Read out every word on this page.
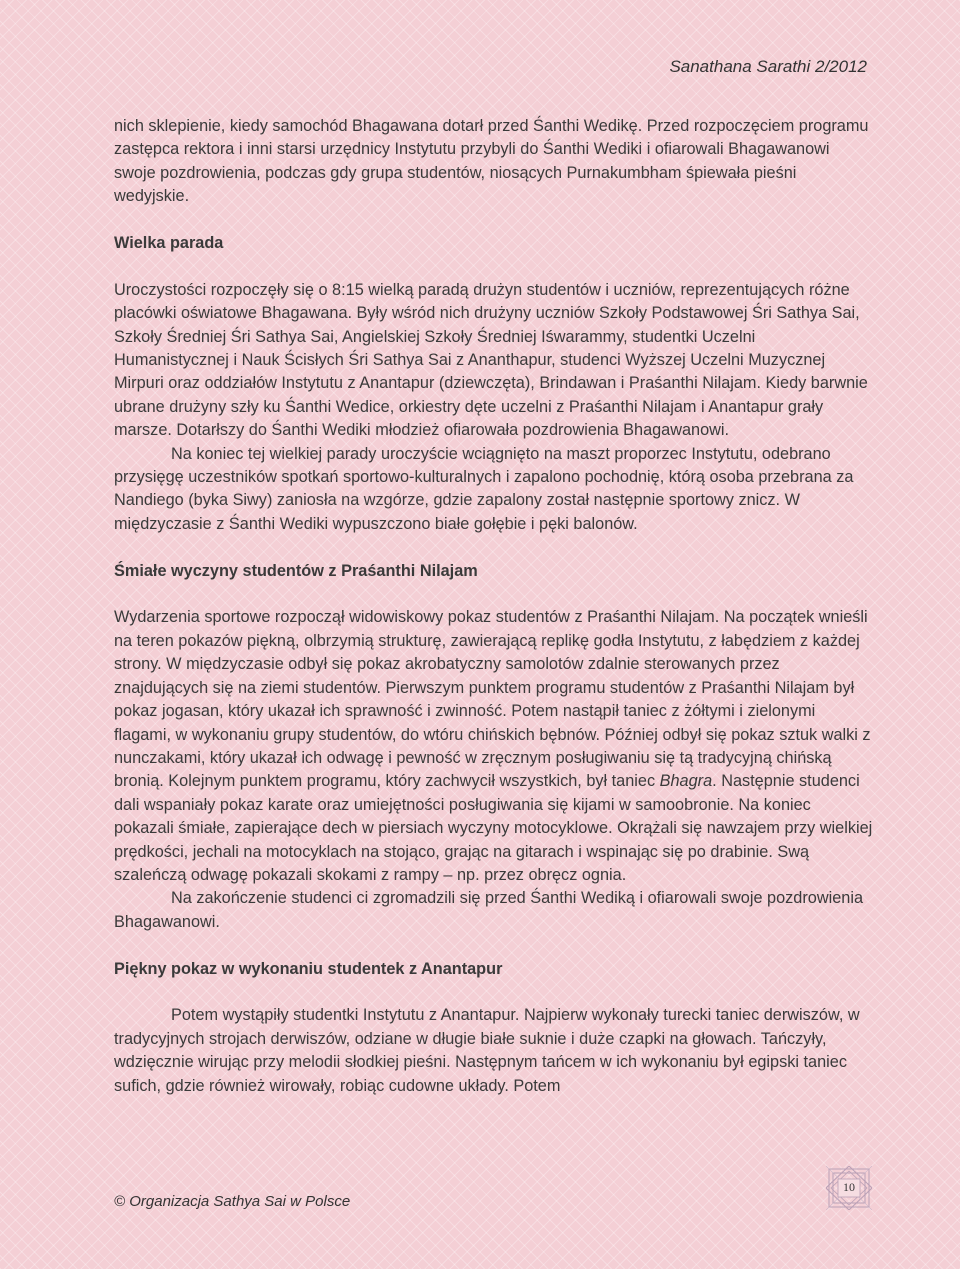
Sanathana Sarathi 2/2012

nich sklepienie, kiedy samochód Bhagawana dotarł przed Śanthi Wedikę. Przed rozpoczęciem programu zastępca rektora i inni starsi urzędnicy Instytutu przybyli do Śanthi Wediki i ofiarowali Bhagawanowi swoje pozdrowienia, podczas gdy grupa studentów, niosących Purnakumbham śpiewała pieśni wedyjskie.

Wielka parada

Uroczystości rozpoczęły się o 8:15 wielką paradą drużyn studentów i uczniów, reprezentujących różne placówki oświatowe Bhagawana. Były wśród nich drużyny uczniów Szkoły Podstawowej Śri Sathya Sai, Szkoły Średniej Śri Sathya Sai, Angielskiej Szkoły Średniej Iśwarammy, studentki Uczelni Humanistycznej i Nauk Ścisłych Śri Sathya Sai z Ananthapur, studenci Wyższej Uczelni Muzycznej Mirpuri oraz oddziałów Instytutu z Anantapur (dziewczęta), Brindawan i Praśanthi Nilajam. Kiedy barwnie ubrane drużyny szły ku Śanthi Wedice, orkiestry dęte uczelni z Praśanthi Nilajam i Anantapur grały marsze. Dotarłszy do Śanthi Wediki młodzież ofiarowała pozdrowienia Bhagawanowi.

Na koniec tej wielkiej parady uroczyście wciągnięto na maszt proporzec Instytutu, odebrano przysięgę uczestników spotkań sportowo-kulturalnych i zapalono pochodnię, którą osoba przebrana za Nandiego (byka Siwy) zaniosła na wzgórze, gdzie zapalony został następnie sportowy znicz. W międzyczasie z Śanthi Wediki wypuszczono białe gołębie i pęki balonów.

Śmiałe wyczyny studentów z Praśanthi Nilajam

Wydarzenia sportowe rozpoczął widowiskowy pokaz studentów z Praśanthi Nilajam. Na początek wnieśli na teren pokazów piękną, olbrzymią strukturę, zawierającą replikę godła Instytutu, z łabędziem z każdej strony. W międzyczasie odbył się pokaz akrobatyczny samolotów zdalnie sterowanych przez znajdujących się na ziemi studentów. Pierwszym punktem programu studentów z Praśanthi Nilajam był pokaz jogasan, który ukazał ich sprawność i zwinność. Potem nastąpił taniec z żółtymi i zielonymi flagami, w wykonaniu grupy studentów, do wtóru chińskich bębnów. Później odbył się pokaz sztuk walki z nunczakami, który ukazał ich odwagę i pewność w zręcznym posługiwaniu się tą tradycyjną chińską bronią. Kolejnym punktem programu, który zachwycił wszystkich, był taniec Bhagra. Następnie studenci dali wspaniały pokaz karate oraz umiejętności posługiwania się kijami w samoobronie. Na koniec pokazali śmiałe, zapierające dech w piersiach wyczyny motocyklowe. Okrążali się nawzajem przy wielkiej prędkości, jechali na motocyklach na stojąco, grając na gitarach i wspinając się po drabinie. Swą szaleńczą odwagę pokazali skokami z rampy – np. przez obręcz ognia.

Na zakończenie studenci ci zgromadzili się przed Śanthi Wediką i ofiarowali swoje pozdrowienia Bhagawanowi.

Piękny pokaz w wykonaniu studentek z Anantapur

Potem wystąpiły studentki Instytutu z Anantapur. Najpierw wykonały turecki taniec derwiszów, w tradycyjnych strojach derwiszów, odziane w długie białe suknie i duże czapki na głowach. Tańczyły, wdzięcznie wirując przy melodii słodkiej pieśni. Następnym tańcem w ich wykonaniu był egipski taniec sufich, gdzie również wirowały, robiąc cudowne układy. Potem

© Organizacja Sathya Sai w Polsce
10
